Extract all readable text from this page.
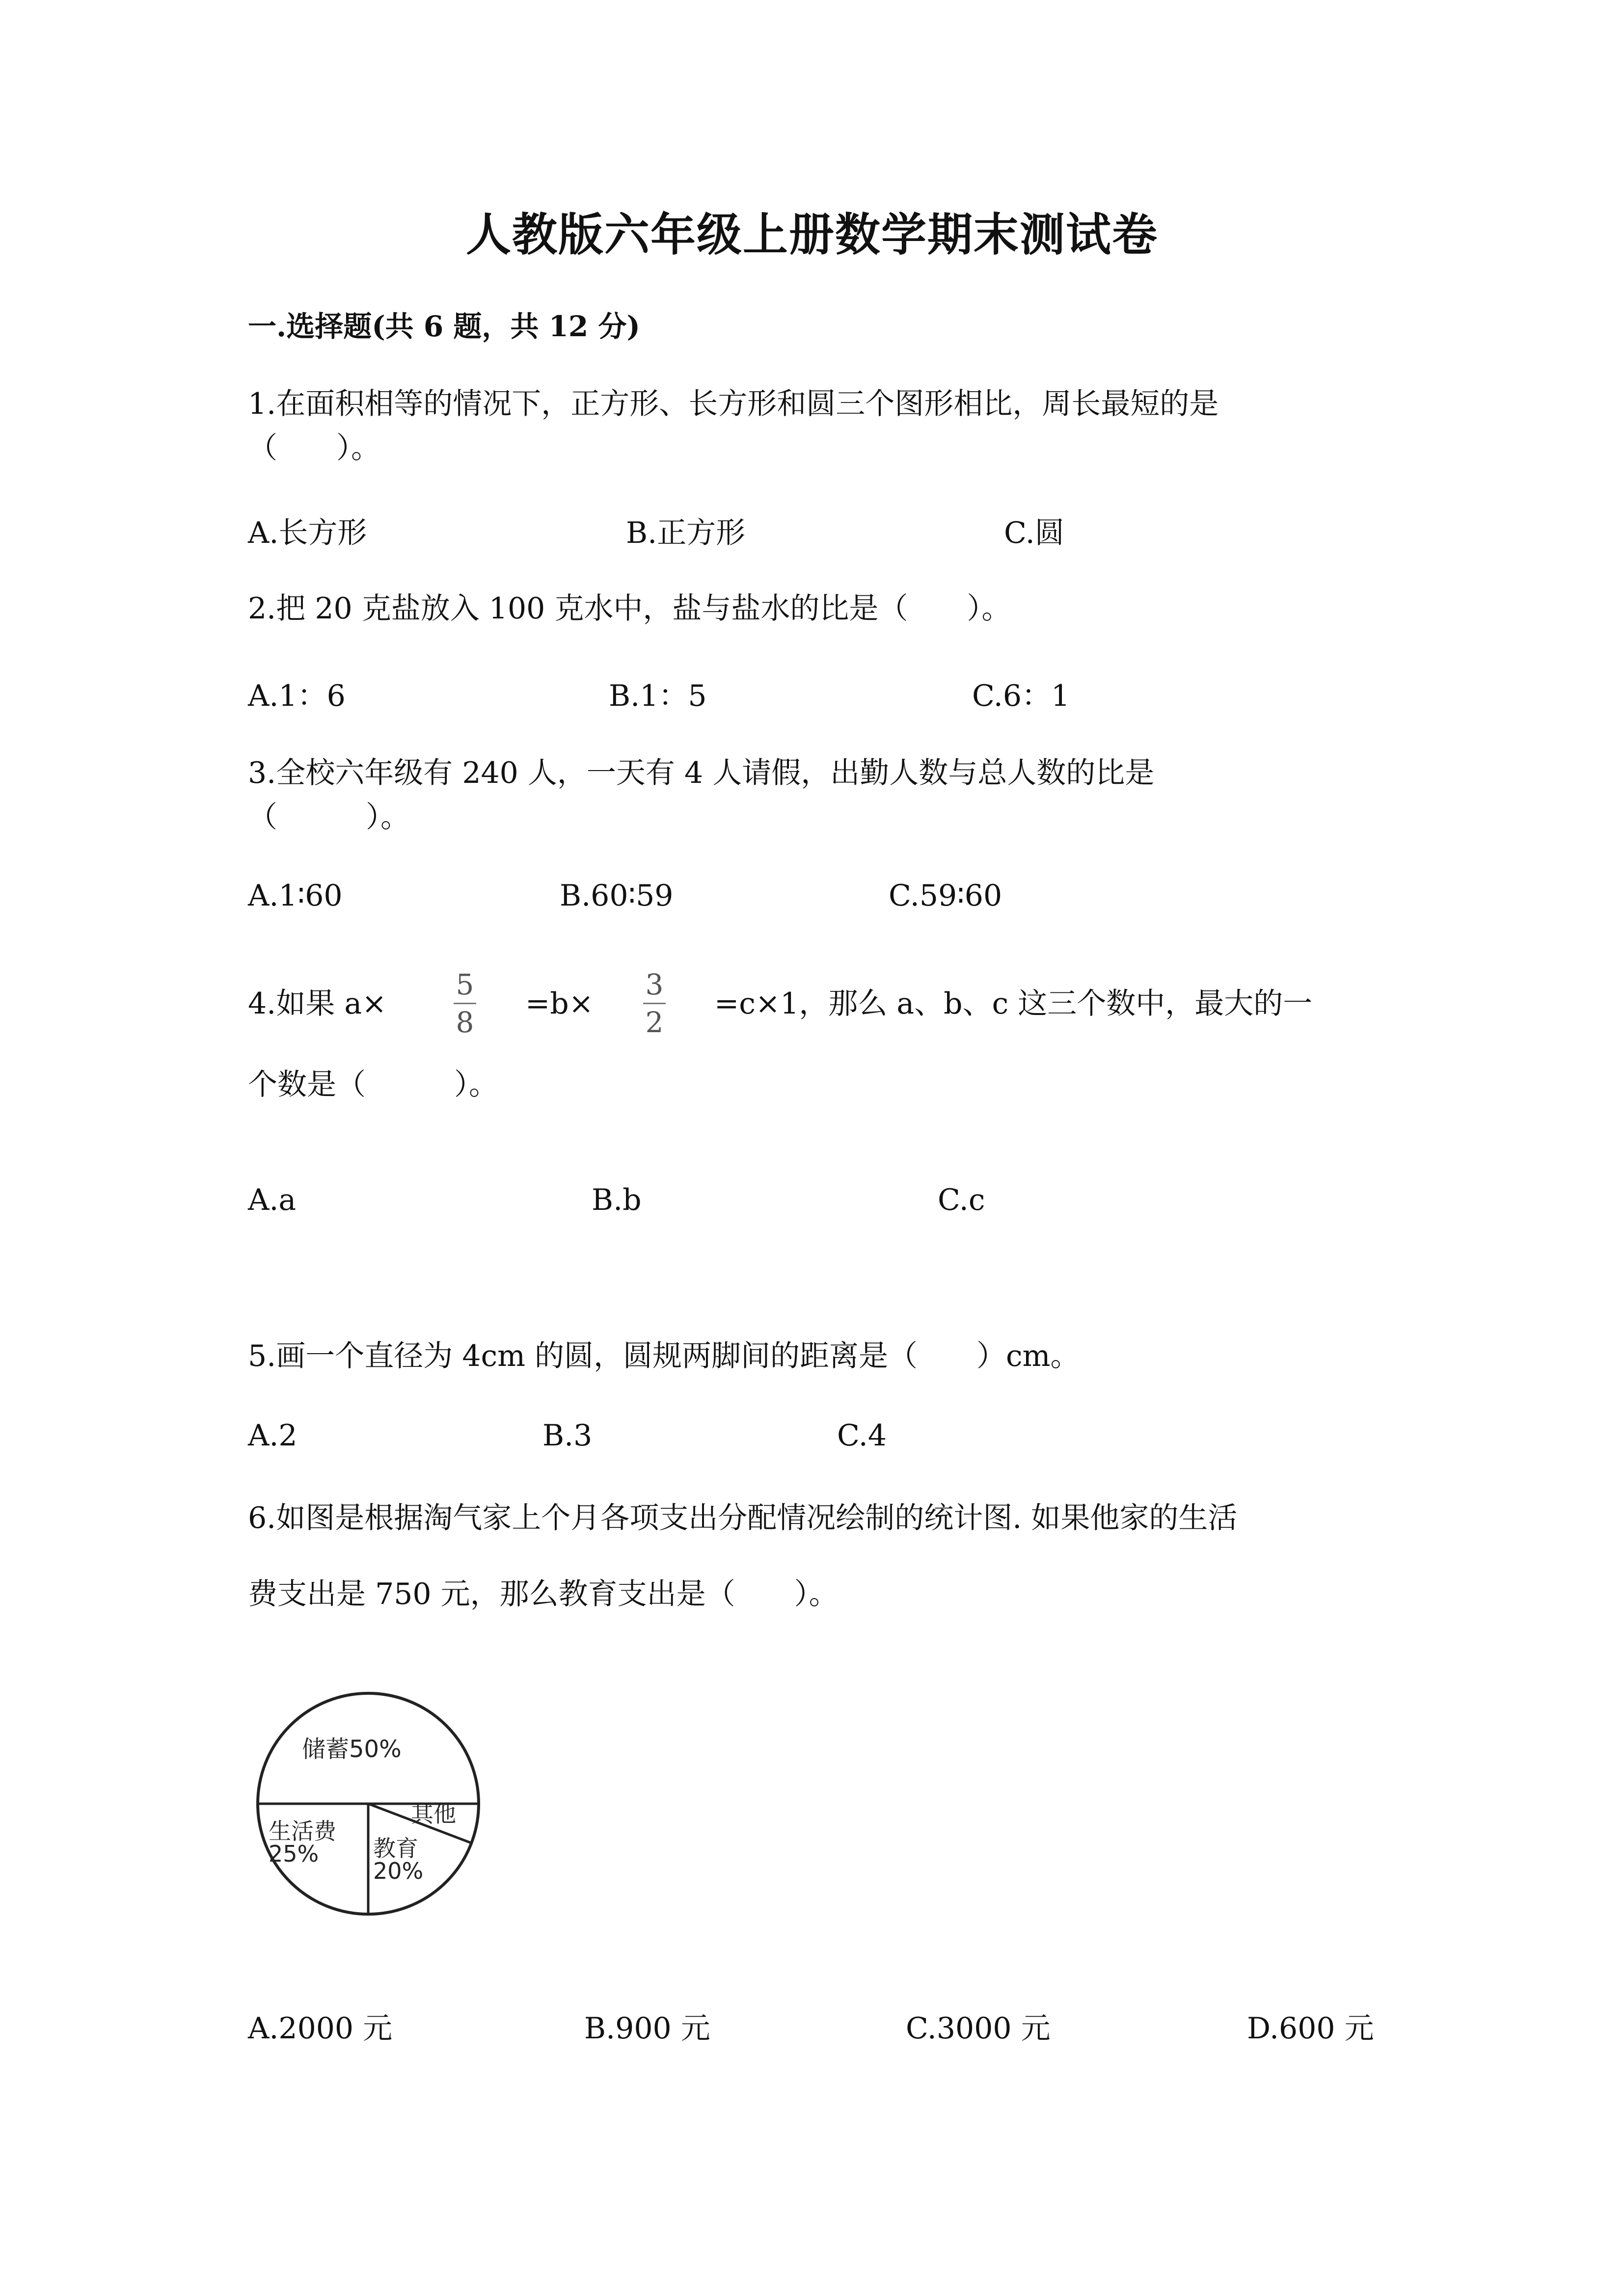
人教版六年级上册数学期末测试卷
一.选择题(共 6 题，共 12 分)
1.在面积相等的情况下，正方形、长方形和圆三个图形相比，周长最短的是
（　　）。
A.长方形	B.正方形	C.圆
2.把 20 克盐放入 100 克水中，盐与盐水的比是（　　）。
A.1：6	B.1：5	C.6：1
3.全校六年级有 240 人，一天有 4 人请假，出勤人数与总人数的比是
（　　　）。
A.1∶60	B.60∶59	C.59∶60
4.如果 a×
5
8
=b×
3
2
=c×1，那么 a、b、c 这三个数中，最大的一
个数是（　　　）。
A.a	B.b	C.c
5.画一个直径为 4cm 的圆，圆规两脚间的距离是（　　）cm。
A.2	B.3	C.4
6.如图是根据淘气家上个月各项支出分配情况绘制的统计图. 如果他家的生活
费支出是 750 元，那么教育支出是（　　）。
储蓄50%
生活费
25% 教育
20%
其他
A.2000 元	B.900 元	C.3000 元	D.600 元
